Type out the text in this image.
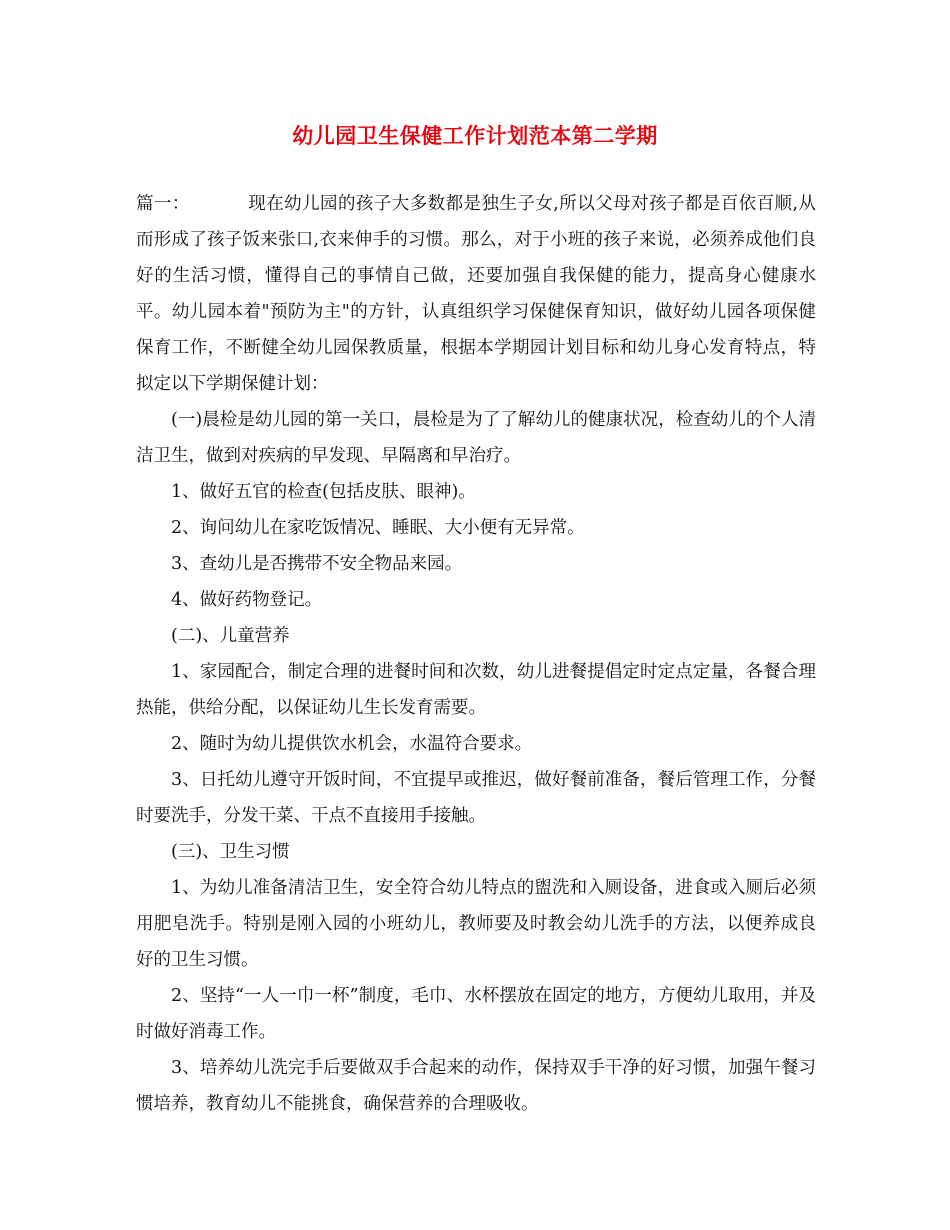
幼儿园卫生保健工作计划范本第二学期

篇一：	现在幼儿园的孩子大多数都是独生子女,所以父母对孩子都是百依百顺,从而形成了孩子饭来张口,衣来伸手的习惯。那么，对于小班的孩子来说，必须养成他们良好的生活习惯，懂得自己的事情自己做，还要加强自我保健的能力，提高身心健康水平。幼儿园本着"预防为主"的方针，认真组织学习保健保育知识，做好幼儿园各项保健保育工作，不断健全幼儿园保教质量，根据本学期园计划目标和幼儿身心发育特点，特拟定以下学期保健计划：

(一)晨检是幼儿园的第一关口，晨检是为了了解幼儿的健康状况，检查幼儿的个人清洁卫生，做到对疾病的早发现、早隔离和早治疗。

1、做好五官的检查(包括皮肤、眼神)。

2、询问幼儿在家吃饭情况、睡眠、大小便有无异常。

3、查幼儿是否携带不安全物品来园。

4、做好药物登记。

(二)、儿童营养

1、家园配合，制定合理的进餐时间和次数，幼儿进餐提倡定时定点定量，各餐合理热能，供给分配，以保证幼儿生长发育需要。

2、随时为幼儿提供饮水机会，水温符合要求。

3、日托幼儿遵守开饭时间，不宜提早或推迟，做好餐前准备，餐后管理工作，分餐时要洗手，分发干菜、干点不直接用手接触。

(三)、卫生习惯

1、为幼儿准备清洁卫生，安全符合幼儿特点的盥洗和入厕设备，进食或入厕后必须用肥皂洗手。特别是刚入园的小班幼儿，教师要及时教会幼儿洗手的方法，以便养成良好的卫生习惯。

2、坚持“一人一巾一杯”制度，毛巾、水杯摆放在固定的地方，方便幼儿取用，并及时做好消毒工作。

3、培养幼儿洗完手后要做双手合起来的动作，保持双手干净的好习惯，加强午餐习惯培养，教育幼儿不能挑食，确保营养的合理吸收。
